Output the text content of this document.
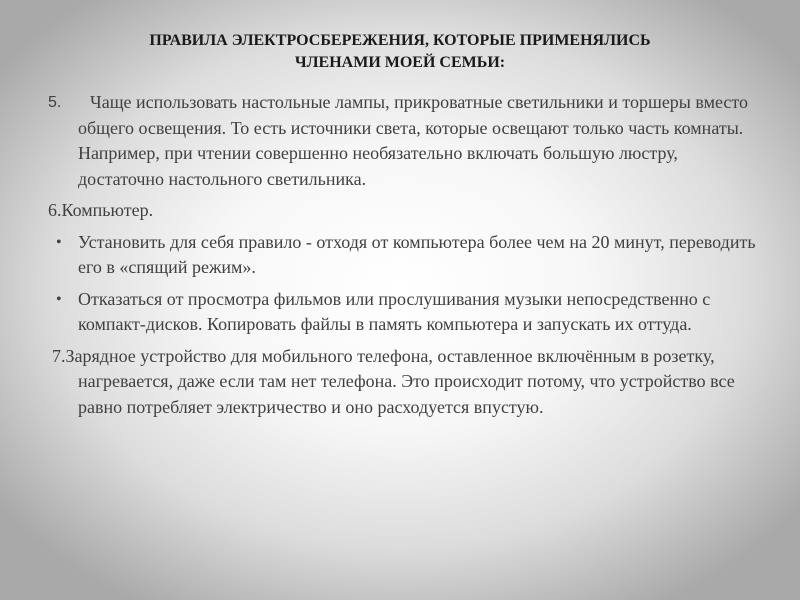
ПРАВИЛА ЭЛЕКТРОСБЕРЕЖЕНИЯ, КОТОРЫЕ ПРИМЕНЯЛИСЬ
ЧЛЕНАМИ МОЕЙ СЕМЬИ:
5.	Чаще использовать настольные лампы, прикроватные светильники и торшеры вместо общего освещения. То есть источники света, которые освещают только часть комнаты. Например, при чтении совершенно необязательно включать большую люстру, достаточно настольного светильника.
6.Компьютер.
• Установить для себя правило - отходя от компьютера более чем на 20 минут, переводить его в «спящий режим».
• Отказаться от просмотра фильмов или прослушивания музыки непосредственно с компакт-дисков. Копировать файлы в память компьютера и запускать их оттуда.
7.Зарядное устройство для мобильного телефона, оставленное включённым в розетку, нагревается, даже если там нет телефона. Это происходит потому, что устройство все равно потребляет электричество и оно расходуется впустую.
